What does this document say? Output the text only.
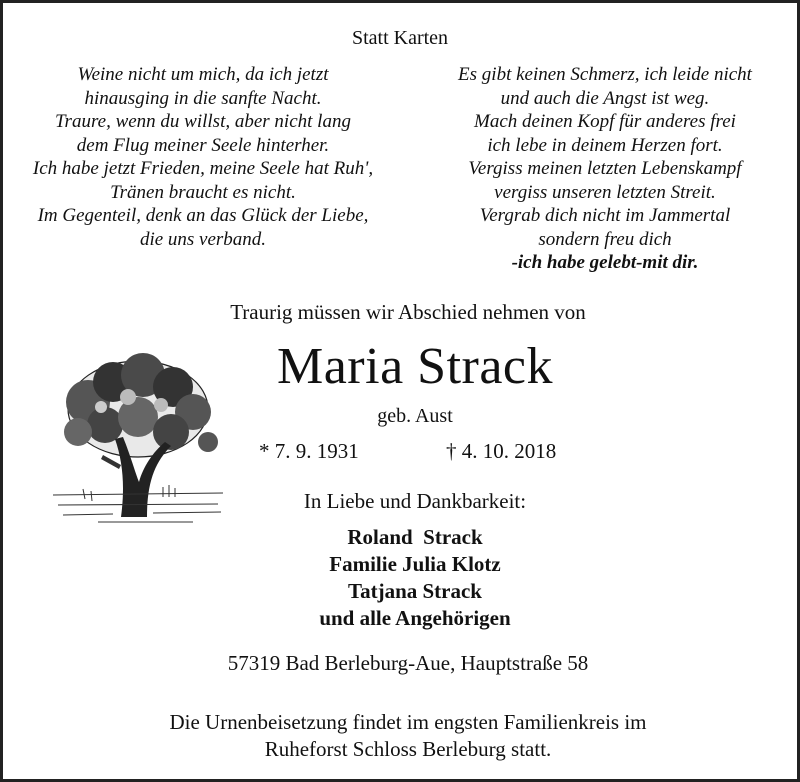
Statt Karten
Weine nicht um mich, da ich jetzt
hinausging in die sanfte Nacht.
Traure, wenn du willst, aber nicht lang
dem Flug meiner Seele hinterher.
Ich habe jetzt Frieden, meine Seele hat Ruh',
Tränen braucht es nicht.
Im Gegenteil, denk an das Glück der Liebe,
die uns verband.
Es gibt keinen Schmerz, ich leide nicht
und auch die Angst ist weg.
Mach deinen Kopf für anderes frei
ich lebe in deinem Herzen fort.
Vergiss meinen letzten Lebenskampf
vergiss unseren letzten Streit.
Vergrab dich nicht im Jammertal
sondern freu dich
-ich habe gelebt-mit dir.
Traurig müssen wir Abschied nehmen von
Maria Strack
geb. Aust
* 7. 9. 1931	† 4. 10. 2018
In Liebe und Dankbarkeit:
Roland  Strack
Familie Julia Klotz
Tatjana Strack
und alle Angehörigen
57319 Bad Berleburg-Aue, Hauptstraße 58
Die Urnenbeisetzung findet im engsten Familienkreis im
Ruheforst Schloss Berleburg statt.
